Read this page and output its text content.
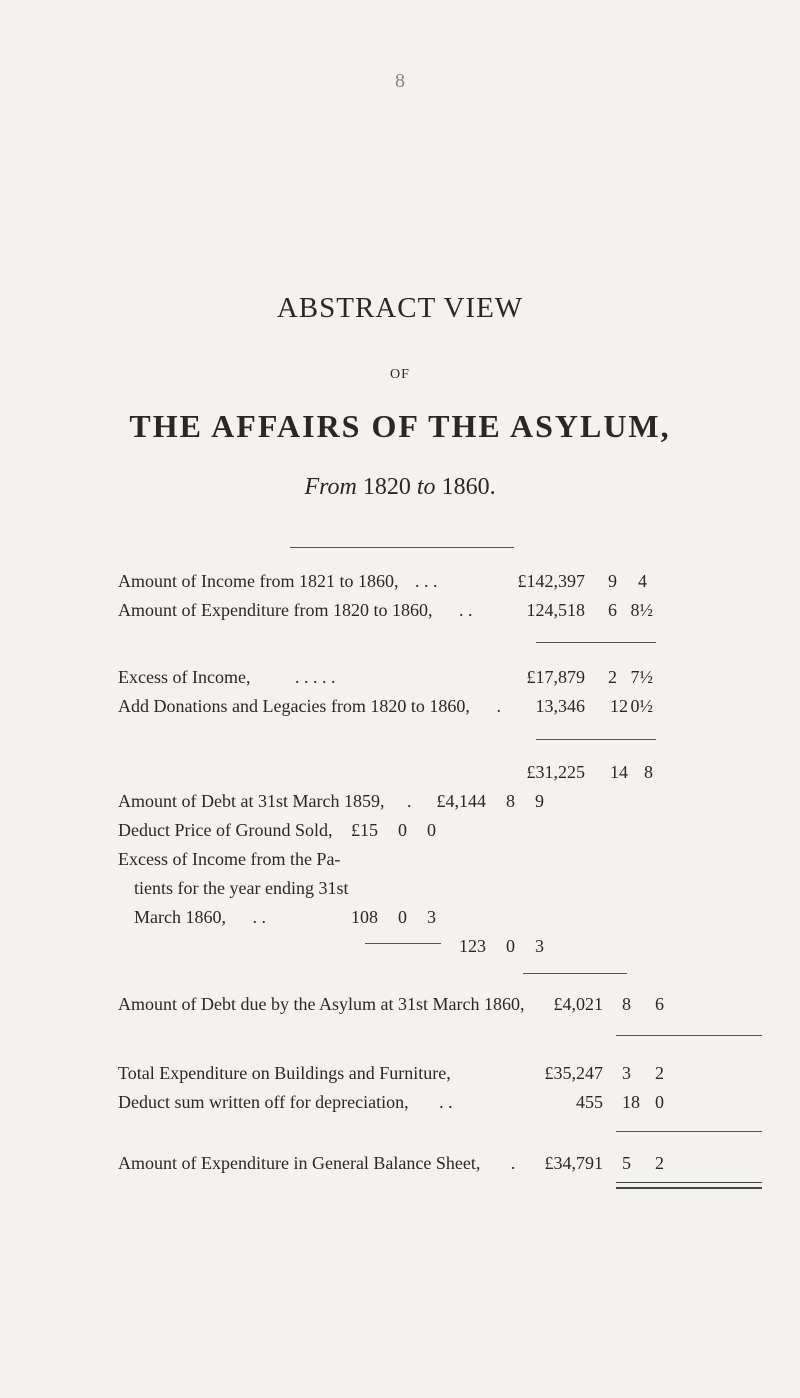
8
ABSTRACT VIEW
OF
THE AFFAIRS OF THE ASYLUM,
From 1820 to 1860.
Amount of Income from 1821 to 1860, . . .	£142,397 9 4
Amount of Expenditure from 1820 to 1860, . .	124,518 6 8½
Excess of Income, . . . . .	£17,879 2 7½
Add Donations and Legacies from 1820 to 1860, . 13,346 12 0½
£31,225 14 8
Amount of Debt at 31st March 1859, . £4,144 8 9
Deduct Price of Ground Sold, £15 0 0
Excess of Income from the Pa-
tients for the year ending 31st
March 1860, . .	108 0 3
123 0 3
Amount of Debt due by the Asylum at 31st March 1860, £4,021 8 6
Total Expenditure on Buildings and Furniture,	£35,247 3 2
Deduct sum written off for depreciation, . .	455 18 0
Amount of Expenditure in General Balance Sheet, . £34,791 5 2
